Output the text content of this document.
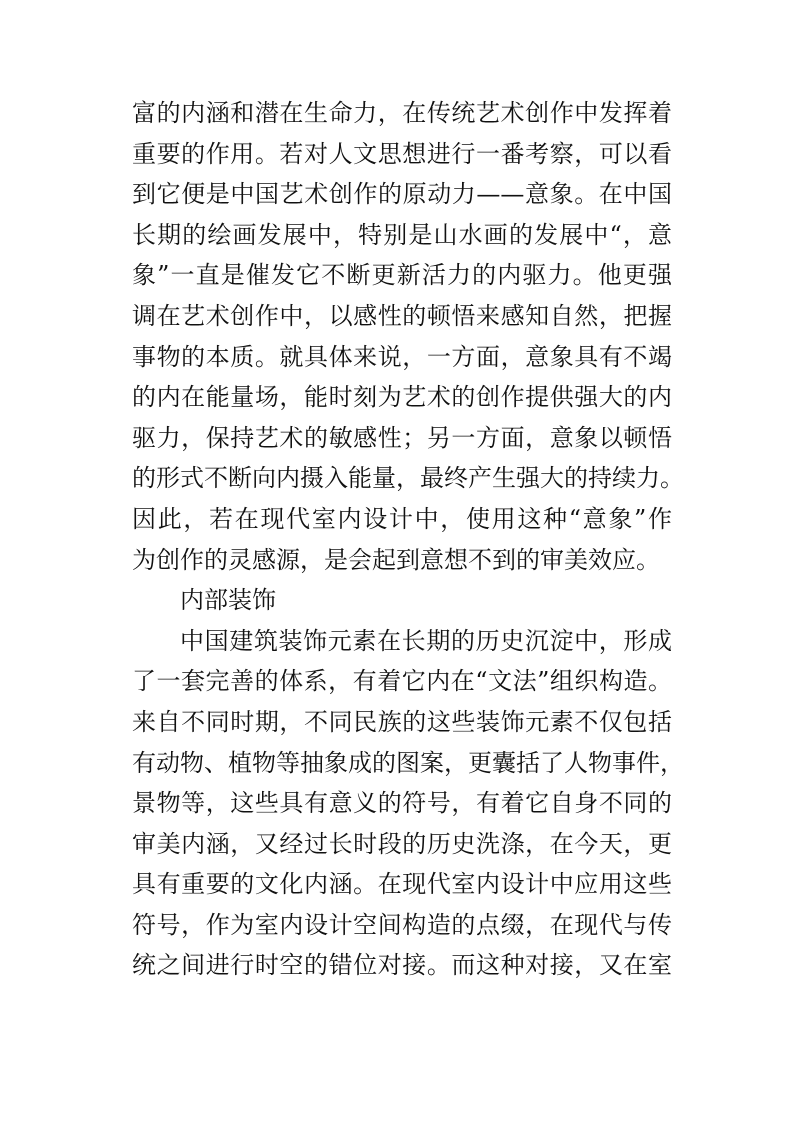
富的内涵和潜在生命力，在传统艺术创作中发挥着
重要的作用。若对人文思想进行一番考察，可以看
到它便是中国艺术创作的原动力——意象。在中国
长期的绘画发展中，特别是山水画的发展中“，意
象”一直是催发它不断更新活力的内驱力。他更强
调在艺术创作中，以感性的顿悟来感知自然，把握
事物的本质。就具体来说，一方面，意象具有不竭
的内在能量场，能时刻为艺术的创作提供强大的内
驱力，保持艺术的敏感性；另一方面，意象以顿悟
的形式不断向内摄入能量，最终产生强大的持续力。
因此，若在现代室内设计中，使用这种“意象”作
为创作的灵感源，是会起到意想不到的审美效应。
内部装饰
中国建筑装饰元素在长期的历史沉淀中，形成
了一套完善的体系，有着它内在“文法”组织构造。
来自不同时期，不同民族的这些装饰元素不仅包括
有动物、植物等抽象成的图案，更囊括了人物事件，
景物等，这些具有意义的符号，有着它自身不同的
审美内涵，又经过长时段的历史洗涤，在今天，更
具有重要的文化内涵。在现代室内设计中应用这些
符号，作为室内设计空间构造的点缀，在现代与传
统之间进行时空的错位对接。而这种对接，又在室
